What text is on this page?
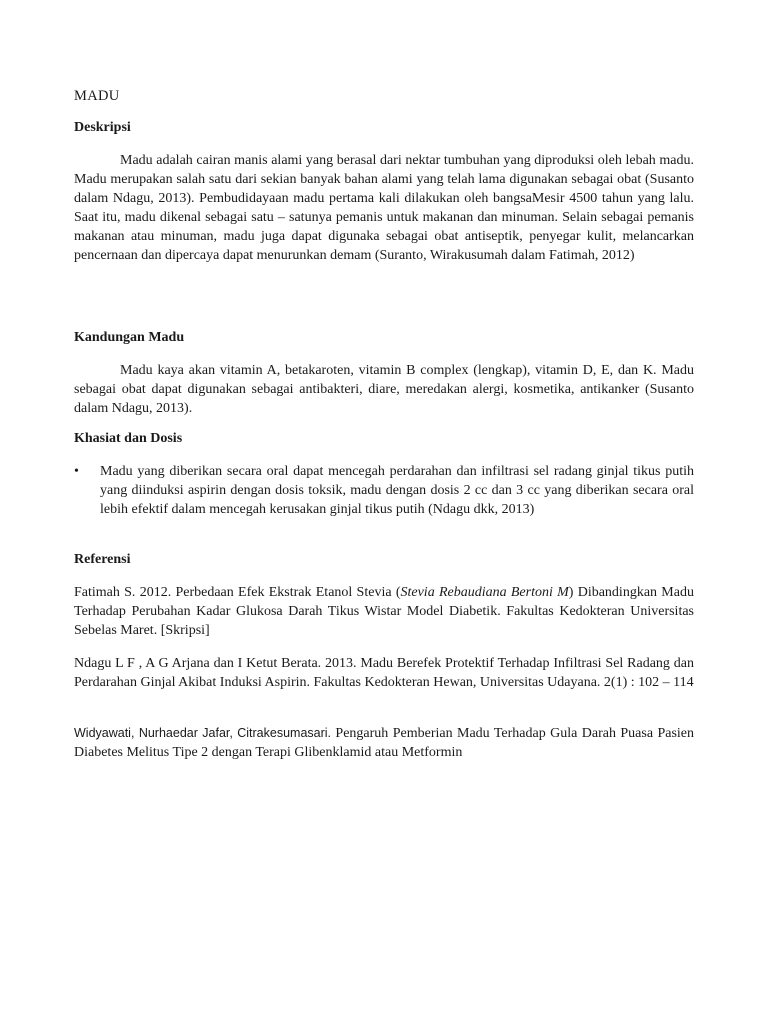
MADU
Deskripsi
Madu adalah cairan manis alami yang berasal dari nektar tumbuhan yang diproduksi oleh lebah madu. Madu merupakan salah satu dari sekian banyak bahan alami yang telah lama digunakan sebagai obat (Susanto dalam Ndagu, 2013). Pembudidayaan madu pertama kali dilakukan oleh bangsaMesir 4500 tahun yang lalu. Saat itu, madu dikenal sebagai satu – satunya pemanis untuk makanan dan minuman. Selain sebagai pemanis makanan atau minuman, madu juga dapat digunaka sebagai obat antiseptik, penyegar kulit, melancarkan pencernaan dan dipercaya dapat menurunkan demam (Suranto, Wirakusumah dalam Fatimah, 2012)
Kandungan Madu
Madu kaya akan vitamin A, betakaroten, vitamin B complex (lengkap), vitamin D, E, dan K. Madu sebagai obat dapat digunakan sebagai antibakteri, diare, meredakan alergi, kosmetika, antikanker (Susanto dalam Ndagu, 2013).
Khasiat dan Dosis
• Madu yang diberikan secara oral dapat mencegah perdarahan dan infiltrasi sel radang ginjal tikus putih yang diinduksi aspirin dengan dosis toksik, madu dengan dosis 2 cc dan 3 cc yang diberikan secara oral lebih efektif dalam mencegah kerusakan ginjal tikus putih (Ndagu dkk, 2013)
Referensi
Fatimah S. 2012. Perbedaan Efek Ekstrak Etanol Stevia (Stevia Rebaudiana Bertoni M) Dibandingkan Madu Terhadap Perubahan Kadar Glukosa Darah Tikus Wistar Model Diabetik. Fakultas Kedokteran Universitas Sebelas Maret. [Skripsi]
Ndagu L F , A G Arjana dan I Ketut Berata. 2013. Madu Berefek Protektif Terhadap Infiltrasi Sel Radang dan Perdarahan Ginjal Akibat Induksi Aspirin. Fakultas Kedokteran Hewan, Universitas Udayana. 2(1) : 102 – 114
Widyawati, Nurhaedar Jafar, Citrakesumasari. Pengaruh Pemberian Madu Terhadap Gula Darah Puasa Pasien Diabetes Melitus Tipe 2 dengan Terapi Glibenklamid atau Metformin
